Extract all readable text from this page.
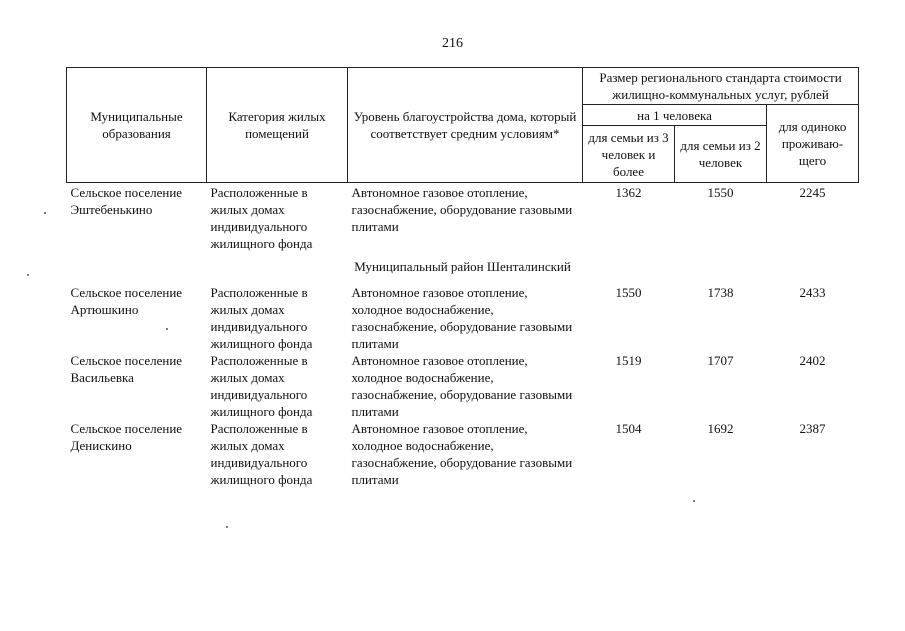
216
Муниципальные образования	Категория жилых помещений	Уровень благоустройства дома, который соответствует средним условиям*	Размер регионального стандарта стоимости жилищно-коммунальных услуг, рублей		
			на 1 человека		для одиноко проживаю-щего
			для семьи из 3 человек и более	для семьи из 2 человек	
Сельское поселение Эштебенькино	Расположенные в жилых домах индивидуального жилищного фонда	Автономное газовое отопление, газоснабжение, оборудование газовыми плитами	1362	1550	2245
Муниципальный район Шенталинский					
Сельское поселение Артюшкино	Расположенные в жилых домах индивидуального жилищного фонда	Автономное газовое отопление, холодное водоснабжение, газоснабжение, оборудование газовыми плитами	1550	1738	2433
Сельское поселение Васильевка	Расположенные в жилых домах индивидуального жилищного фонда	Автономное газовое отопление, холодное водоснабжение, газоснабжение, оборудование газовыми плитами	1519	1707	2402
Сельское поселение Денискино	Расположенные в жилых домах индивидуального жилищного фонда	Автономное газовое отопление, холодное водоснабжение, газоснабжение, оборудование газовыми плитами	1504	1692	2387
